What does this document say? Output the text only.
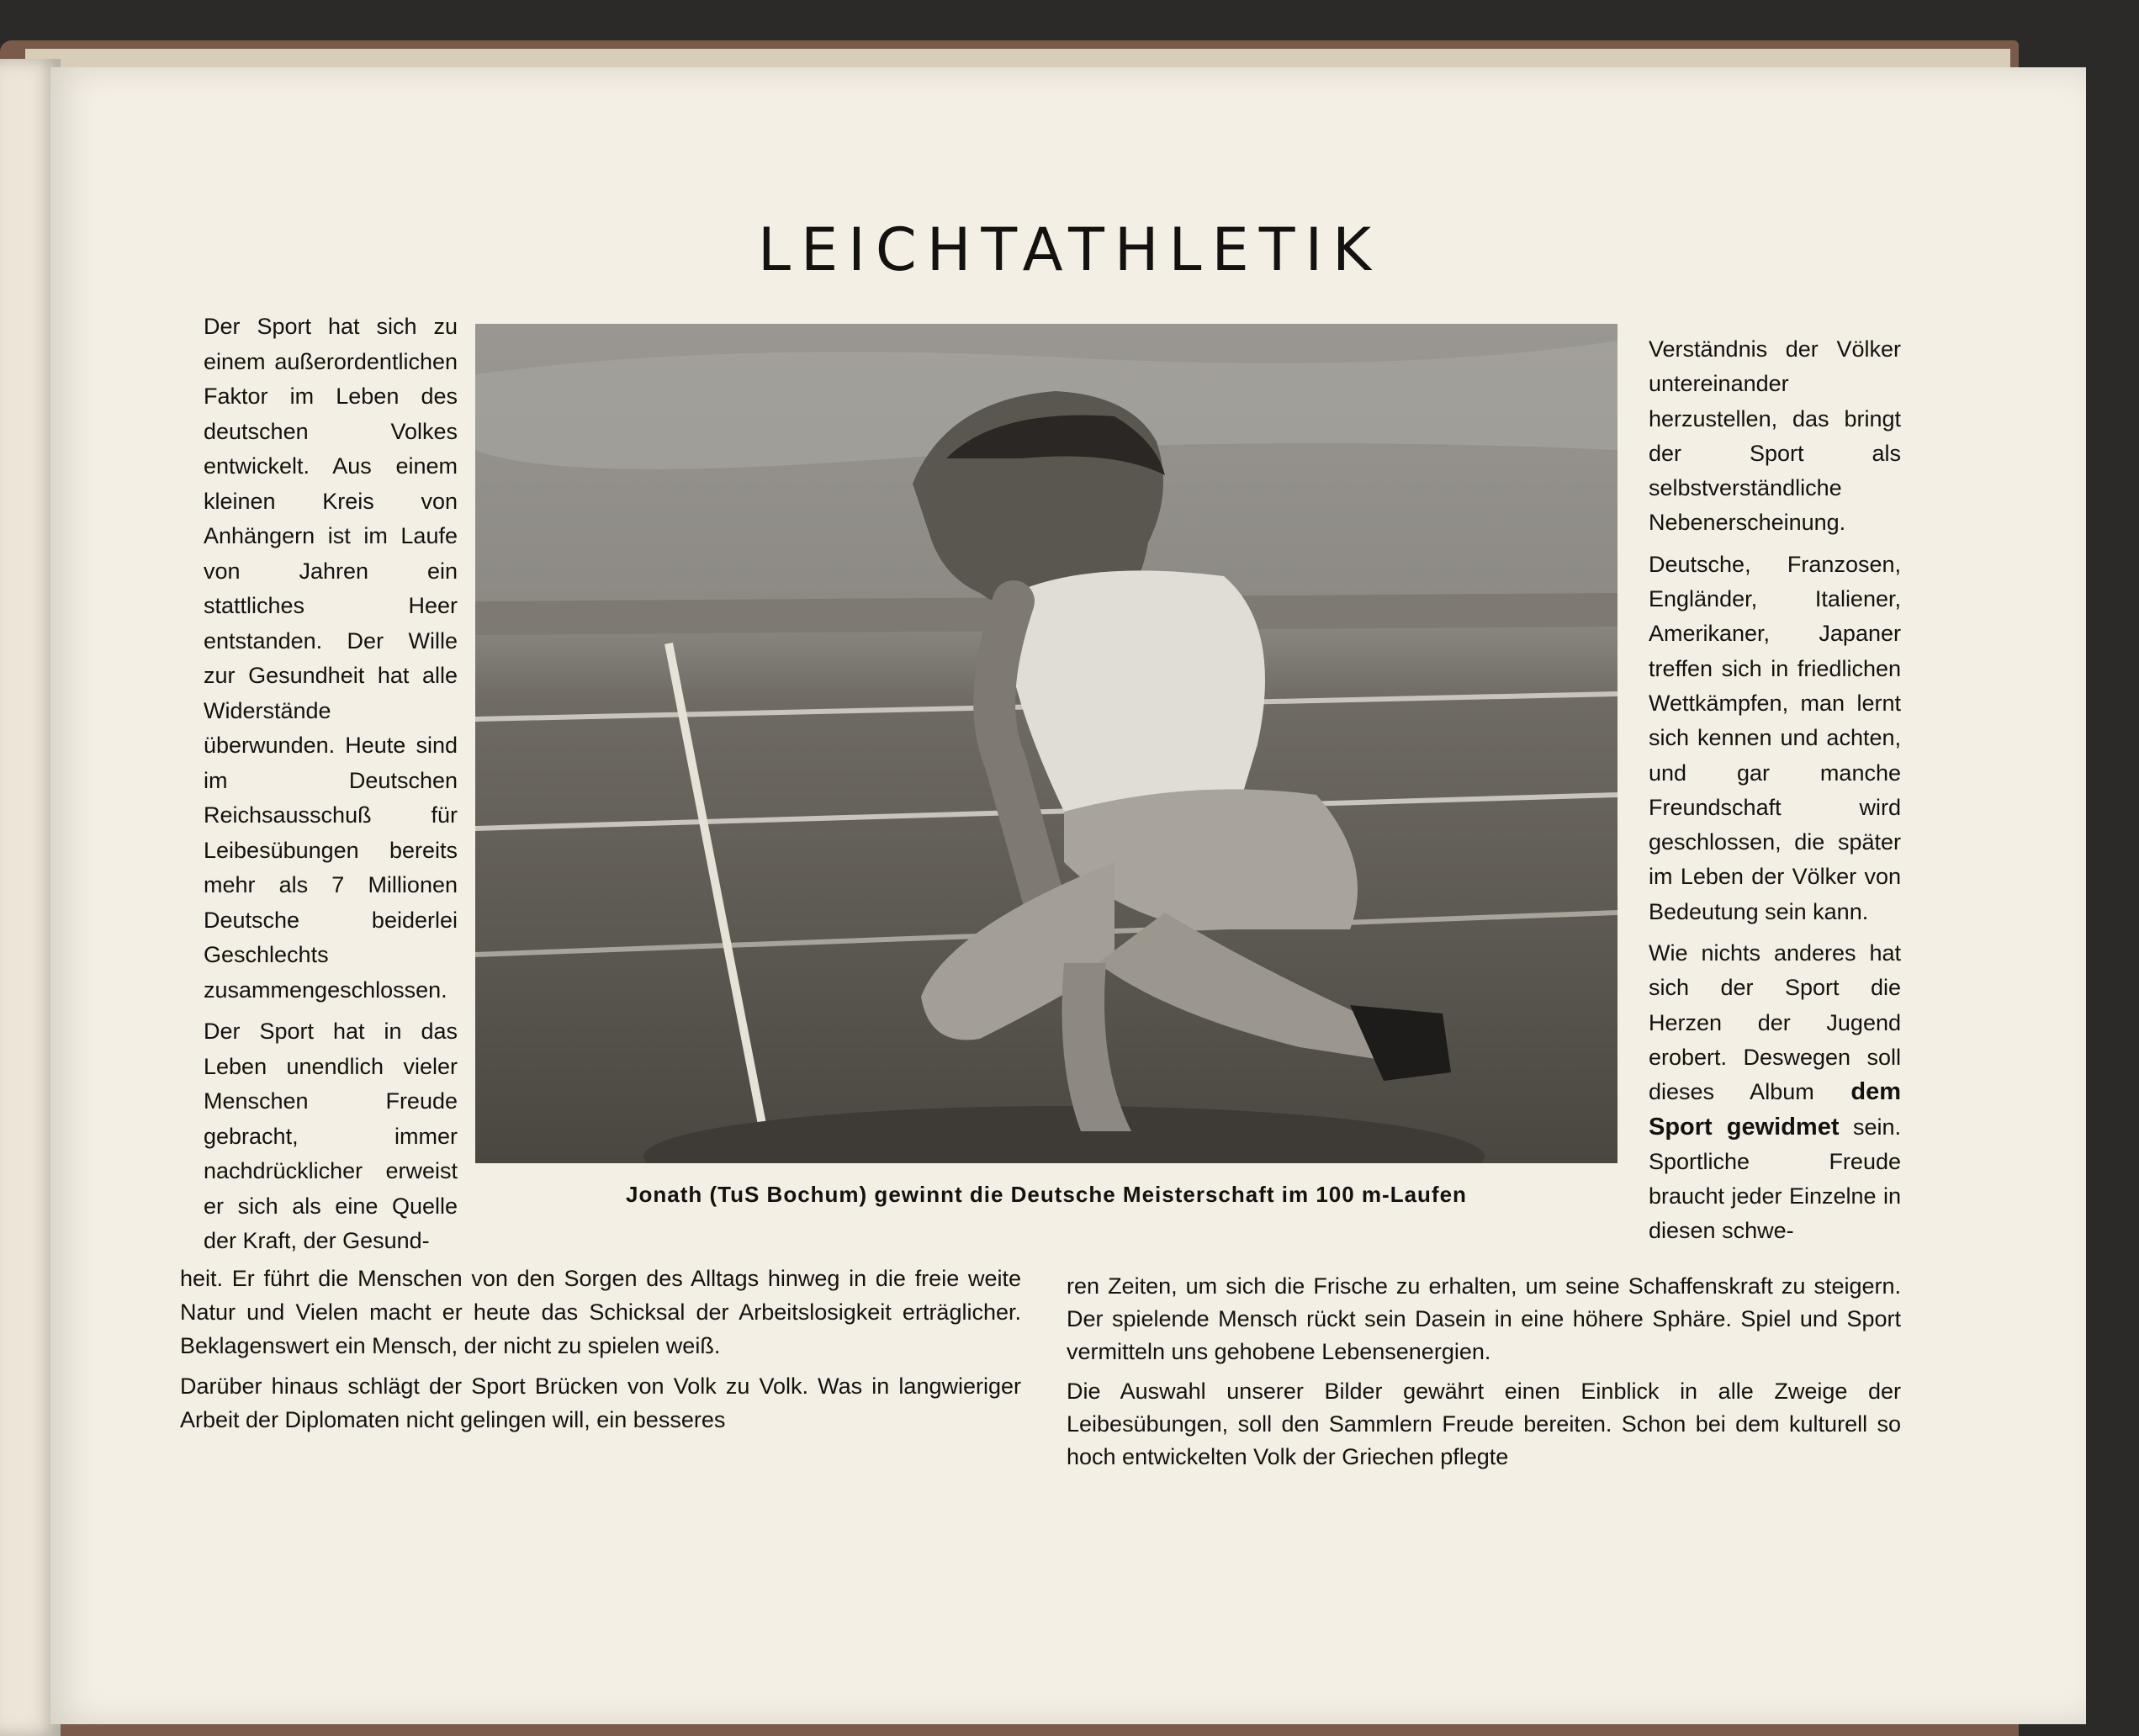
LEICHTATHLETIK

Der Sport hat sich zu einem außerordentlichen Faktor im Leben des deutschen Volkes entwickelt. Aus einem kleinen Kreis von Anhängern ist im Laufe von Jahren ein stattliches Heer entstanden. Der Wille zur Gesundheit hat alle Widerstände überwunden. Heute sind im Deutschen Reichsausschuß für Leibesübungen bereits mehr als 7 Millionen Deutsche beiderlei Geschlechts zusammengeschlossen.

Der Sport hat in das Leben unendlich vieler Menschen Freude gebracht, immer nachdrücklicher erweist er sich als eine Quelle der Kraft, der Gesund-

Jonath (TuS Bochum) gewinnt die Deutsche Meisterschaft im 100 m-Laufen

Verständnis der Völker untereinander herzustellen, das bringt der Sport als selbstverständliche Nebenerscheinung.

Deutsche, Franzosen, Engländer, Italiener, Amerikaner, Japaner treffen sich in friedlichen Wettkämpfen, man lernt sich kennen und achten, und gar manche Freundschaft wird geschlossen, die später im Leben der Völker von Bedeutung sein kann.

Wie nichts anderes hat sich der Sport die Herzen der Jugend erobert. Deswegen soll dieses Album dem Sport gewidmet sein. Sportliche Freude braucht jeder Einzelne in diesen schwe-

heit. Er führt die Menschen von den Sorgen des Alltags hinweg in die freie weite Natur und Vielen macht er heute das Schicksal der Arbeitslosigkeit erträglicher. Beklagenswert ein Mensch, der nicht zu spielen weiß.

Darüber hinaus schlägt der Sport Brücken von Volk zu Volk. Was in langwieriger Arbeit der Diplomaten nicht gelingen will, ein besseres

ren Zeiten, um sich die Frische zu erhalten, um seine Schaffenskraft zu steigern. Der spielende Mensch rückt sein Dasein in eine höhere Sphäre. Spiel und Sport vermitteln uns gehobene Lebensenergien.

Die Auswahl unserer Bilder gewährt einen Einblick in alle Zweige der Leibesübungen, soll den Sammlern Freude bereiten. Schon bei dem kulturell so hoch entwickelten Volk der Griechen pflegte
